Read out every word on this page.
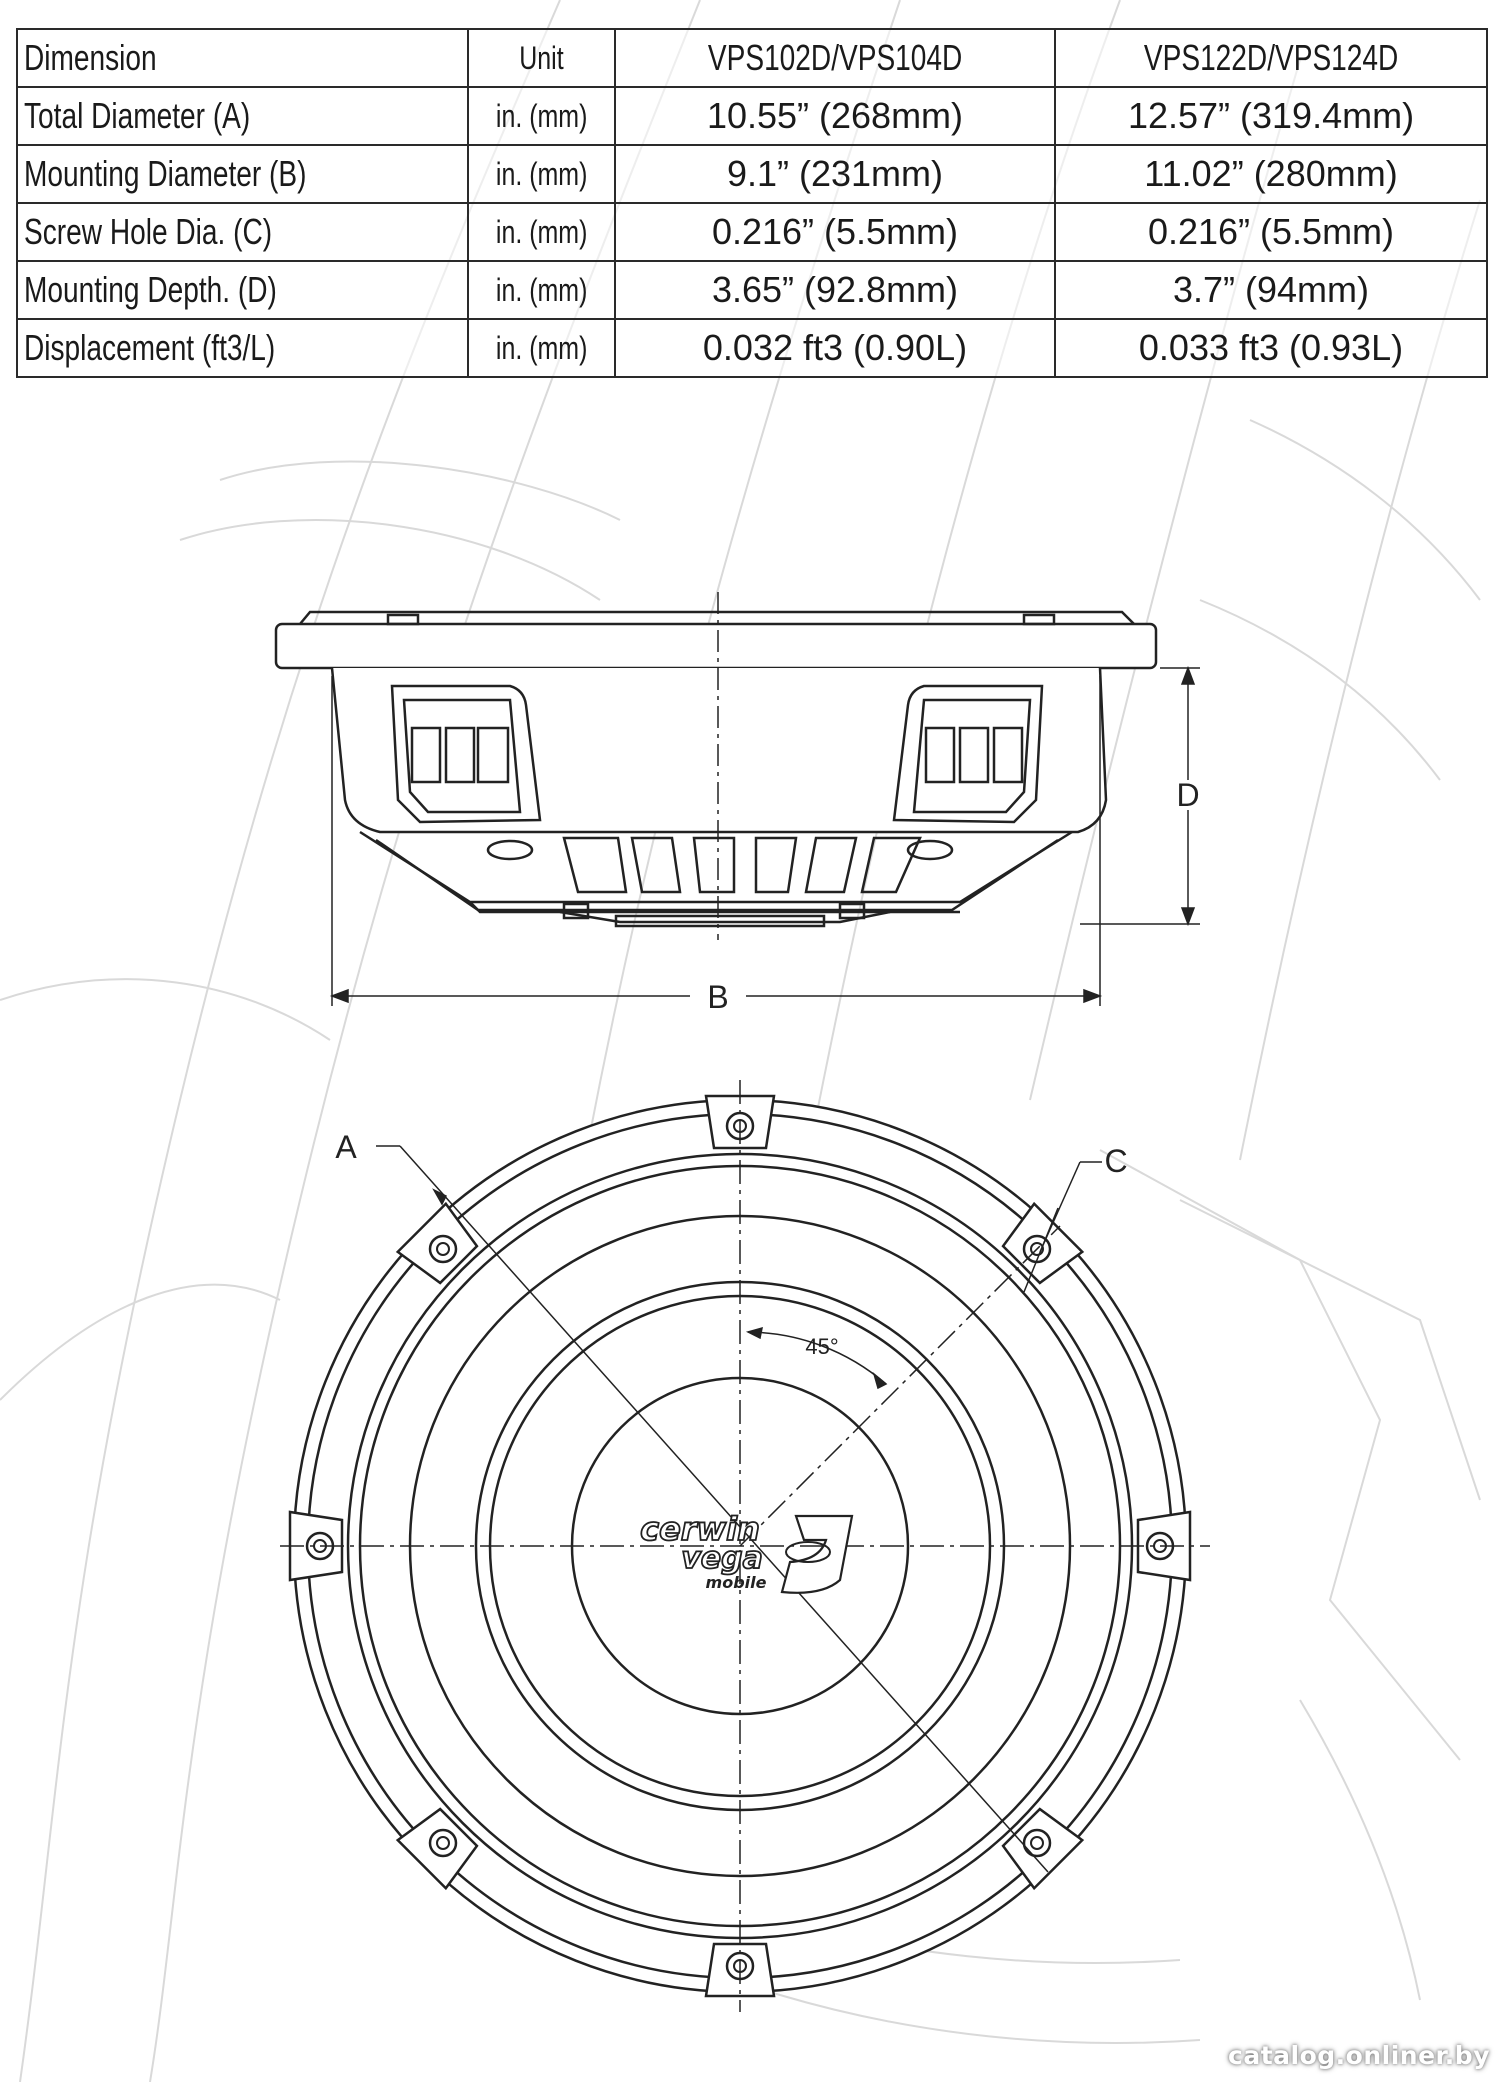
Dimension	Unit	VPS102D/VPS104D	VPS122D/VPS124D
Total Diameter (A)	in. (mm)	10.55” (268mm)	12.57” (319.4mm)
Mounting Diameter (B)	in. (mm)	9.1” (231mm)	11.02” (280mm)
Screw Hole Dia. (C)	in. (mm)	0.216” (5.5mm)	0.216” (5.5mm)
Mounting Depth. (D)	in. (mm)	3.65” (92.8mm)	3.7” (94mm)
Displacement (ft3/L)	in. (mm)	0.032 ft3 (0.90L)	0.033 ft3 (0.93L)
B
D
A	C
45°
cerwin
vega
mobile
catalog.onliner.by
